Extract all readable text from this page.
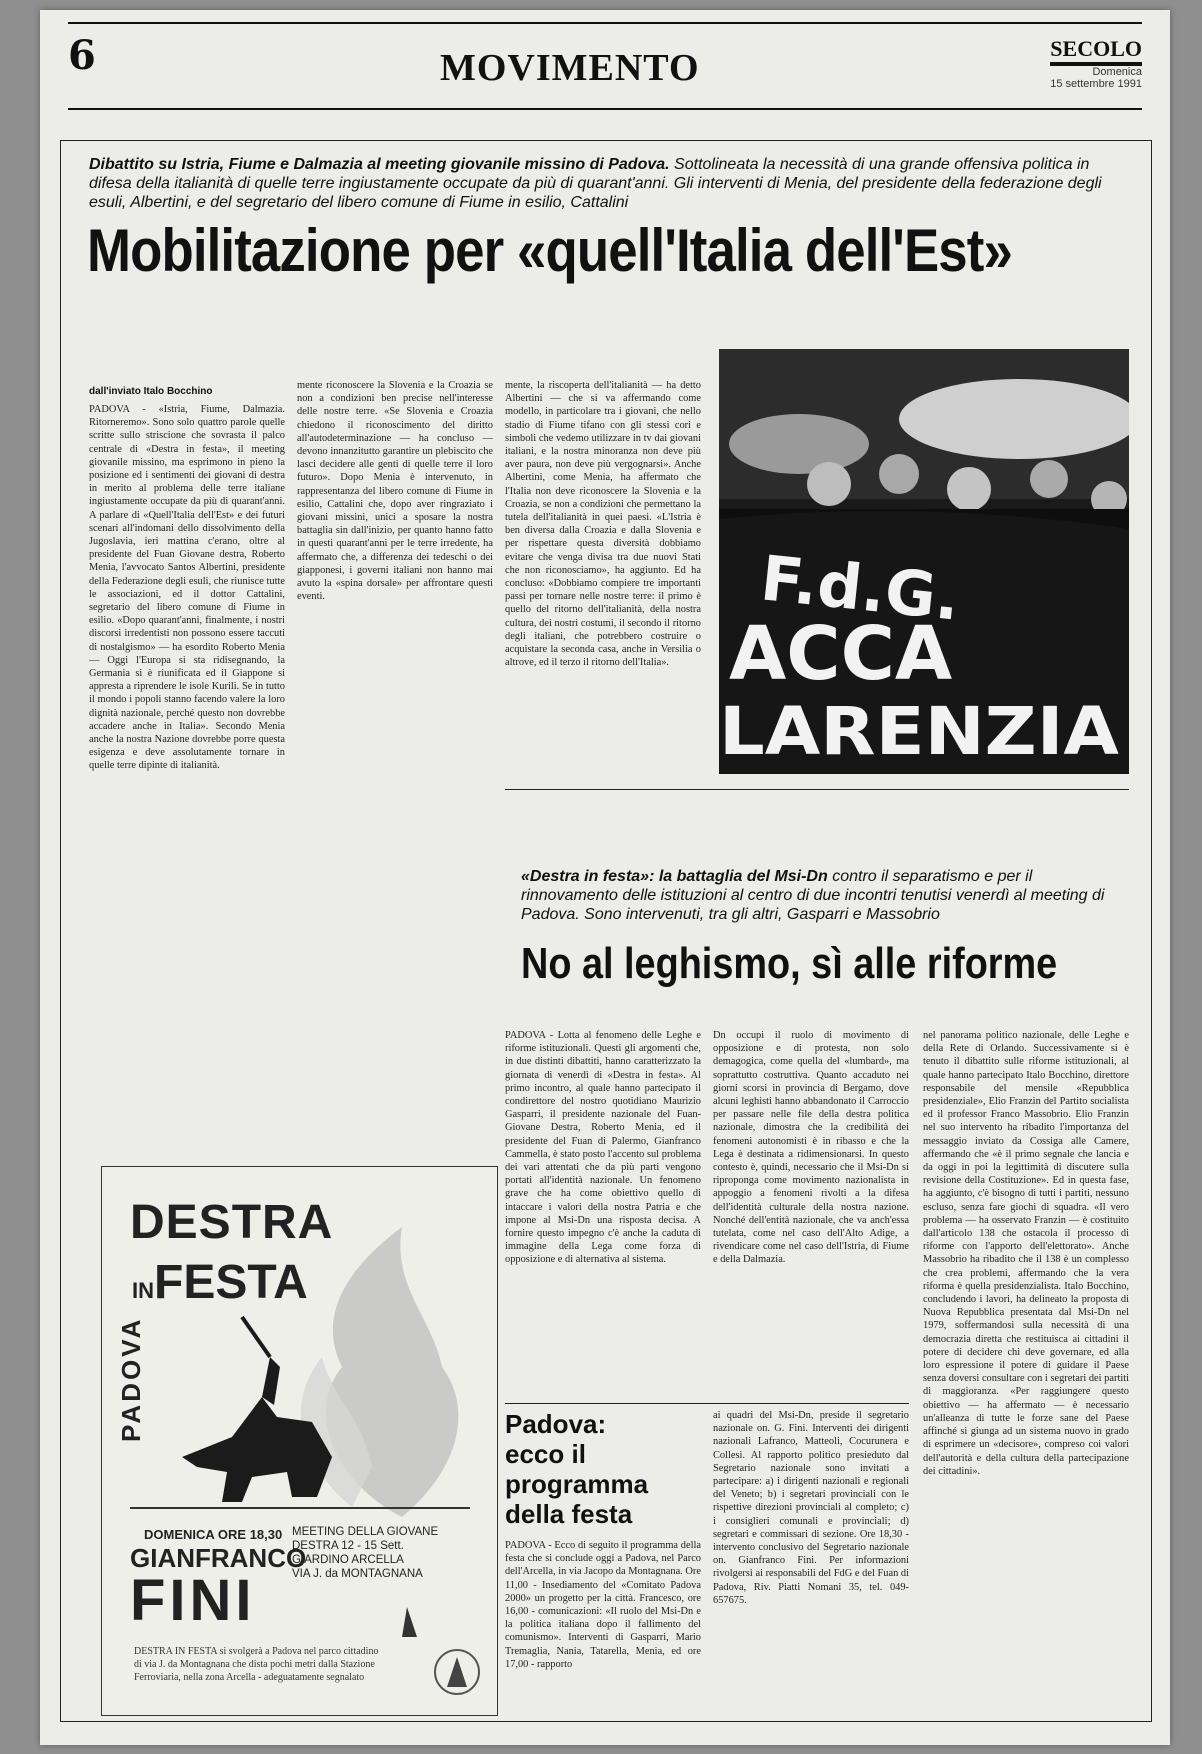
6	MOVIMENTO	SECOLO
Domenica
15 settembre 1991
Dibattito su Istria, Fiume e Dalmazia al meeting giovanile missino di Padova. Sottolineata la necessità di una grande offensiva politica in difesa della italianità di quelle terre ingiustamente occupate da più di quarant'anni. Gli interventi di Menia, del presidente della federazione degli esuli, Albertini, e del segretario del libero comune di Fiume in esilio, Cattalini
Mobilitazione per «quell'Italia dell'Est»
dall'inviato Italo Bocchino
PADOVA - «Istria, Fiume, Dalmazia. Ritorneremo». Sono solo quattro parole quelle scritte sullo striscione che sovrasta il palco centrale di «Destra in festa», il meeting giovanile missino, ma esprimono in pieno la posizione ed i sentimenti dei giovani di destra in merito al problema delle terre italiane ingiustamente occupate da più di quarant'anni. A parlare di «Quell'Italia dell'Est» e dei futuri scenari all'indomani dello dissolvimento della Jugoslavia, ieri mattina c'erano, oltre al presidente del Fuan Giovane destra, Roberto Menia, l'avvocato Santos Albertini, presidente della Federazione degli esuli, che riunisce tutte le associazioni, ed il dottor Cattalini, segretario del libero comune di Fiume in esilio. «Dopo quarant'anni, finalmente, i nostri discorsi irredentisti non possono essere taccuti di nostalgismo» — ha esordito Roberto Menia — Oggi l'Europa si sta ridisegnando, la Germania si è riunificata ed il Giappone si appresta a riprendere le isole Kurili. Se in tutto il mondo i popoli stanno facendo valere la loro dignità nazionale, perché questo non dovrebbe accadere anche in Italia». Secondo Menia anche la nostra Nazione dovrebbe porre questa esigenza e deve assolutamente tornare in quelle terre dipinte di italianità.
mente riconoscere la Slovenia e la Croazia se non a condizioni ben precise nell'interesse delle nostre terre. «Se Slovenia e Croazia chiedono il riconoscimento del diritto all'autodeterminazione — ha concluso — devono innanzitutto garantire un plebiscito che lasci decidere alle genti di quelle terre il loro futuro». Dopo Menia è intervenuto, in rappresentanza del libero comune di Fiume in esilio, Cattalini che, dopo aver ringraziato i giovani missini, unici a sposare la nostra battaglia sin dall'inizio, per quanto hanno fatto in questi quarant'anni per le terre irredente, ha affermato che, a differenza dei tedeschi o dei giapponesi, i governi italiani non hanno mai avuto la «spina dorsale» per affrontare questi eventi.
mente, la riscoperta dell'italianità — ha detto Albertini — che si va affermando come modello, in particolare tra i giovani, che nello stadio di Fiume tifano con gli stessi cori e simboli che vedemo utilizzare in tv dai giovani italiani, e la nostra minoranza non deve più aver paura, non deve più vergognarsi». Anche Albertini, come Menia, ha affermato che l'Italia non deve riconoscere la Slovenia e la Croazia, se non a condizioni che permettano la tutela dell'italianità in quei paesi. «L'Istria è ben diversa dalla Croazia e dalla Slovenia e per rispettare questa diversità dobbiamo evitare che venga divisa tra due nuovi Stati che non riconosciamo», ha aggiunto. Ed ha concluso: «Dobbiamo compiere tre importanti passi per tornare nelle nostre terre: il primo è quello del ritorno dell'italianità, della nostra cultura, dei nostri costumi, il secondo il ritorno degli italiani, che potrebbero costruire o acquistare la seconda casa, anche in Versilia o altrove, ed il terzo il ritorno dell'Italia».
F.d.G.
ACCA
LARENZIA
«Destra in festa»: la battaglia del Msi-Dn contro il separatismo e per il rinnovamento delle istituzioni al centro di due incontri tenutisi venerdì al meeting di Padova. Sono intervenuti, tra gli altri, Gasparri e Massobrio
No al leghismo, sì alle riforme
PADOVA - Lotta al fenomeno delle Leghe e riforme istituzionali. Questi gli argomenti che, in due distinti dibattiti, hanno caratterizzato la giornata di venerdì di «Destra in festa». Al primo incontro, al quale hanno partecipato il condirettore del nostro quotidiano Maurizio Gasparri, il presidente nazionale del Fuan-Giovane Destra, Roberto Menia, ed il presidente del Fuan di Palermo, Gianfranco Cammella, è stato posto l'accento sul problema dei vari attentati che da più parti vengono portati all'identità nazionale. Un fenomeno grave che ha come obiettivo quello di intaccare i valori della nostra Patria e che impone al Msi-Dn una risposta decisa. A fornire questo impegno c'è anche la caduta di immagine della Lega come forza di opposizione e di alternativa al sistema.
Dn occupi il ruolo di movimento di opposizione e di protesta, non solo demagogica, come quella del «lumbard», ma soprattutto costruttiva. Quanto accaduto nei giorni scorsi in provincia di Bergamo, dove alcuni leghisti hanno abbandonato il Carroccio per passare nelle file della destra politica nazionale, dimostra che la credibilità dei fenomeni autonomisti è in ribasso e che la Lega è destinata a ridimensionarsi. In questo contesto è, quindi, necessario che il Msi-Dn si riproponga come movimento nazionalista in appoggio a fenomeni rivolti a la difesa dell'identità culturale della nostra nazione. Nonché dell'entità nazionale, che va anch'essa tutelata, come nel caso dell'Alto Adige, a rivendicare come nel caso dell'Istria, di Fiume e della Dalmazia.
nel panorama politico nazionale, delle Leghe e della Rete di Orlando. Successivamente si è tenuto il dibattito sulle riforme istituzionali, al quale hanno partecipato Italo Bocchino, direttore responsabile del mensile «Repubblica presidenziale», Elio Franzin del Partito socialista ed il professor Franco Massobrio. Elio Franzin nel suo intervento ha ribadito l'importanza del messaggio inviato da Cossiga alle Camere, affermando che «è il primo segnale che lancia e da oggi in poi la legittimità di discutere sulla revisione della Costituzione». Ed in questa fase, ha aggiunto, c'è bisogno di tutti i partiti, nessuno escluso, senza fare giochi di squadra. «Il vero problema — ha osservato Franzin — è costituito dall'articolo 138 che ostacola il processo di riforme con l'apporto dell'elettorato». Anche Massobrio ha ribadito che il 138 è un complesso che crea problemi, affermando che la vera riforma è quella presidenzialista. Italo Bocchino, concludendo i lavori, ha delineato la proposta di Nuova Repubblica presentata dal Msi-Dn nel 1979, soffermandosi sulla necessità di una democrazia diretta che restituisca ai cittadini il potere di decidere chi deve governare, ed alla loro espressione il potere di guidare il Paese senza doversi consultare con i segretari dei partiti di maggioranza. «Per raggiungere questo obiettivo — ha affermato — è necessario un'alleanza di tutte le forze sane del Paese affinché si giunga ad un sistema nuovo in grado di esprimere un «decisore», compreso coi valori dell'autorità e della cultura della partecipazione dei cittadini».
Padova:
ecco il
programma
della festa
PADOVA - Ecco di seguito il programma della festa che si conclude oggi a Padova, nel Parco dell'Arcella, in via Jacopo da Montagnana. Ore 11,00 - Insediamento del «Comitato Padova 2000» un progetto per la città. Francesco, ore 16,00 - comunicazioni: «Il ruolo del Msi-Dn e la politica italiana dopo il fallimento del comunismo». Interventi di Gasparri, Mario Tremaglia, Nania, Tatarella, Menia, ed ore 17,00 - rapporto
ai quadri del Msi-Dn, preside il segretario nazionale on. G. Fini. Interventi dei dirigenti nazionali Lafranco, Matteoli, Cocurunera e Collesi. Al rapporto politico presieduto dal Segretario nazionale sono invitati a partecipare: a) i dirigenti nazionali e regionali del Veneto; b) i segretari provinciali con le rispettive direzioni provinciali al completo; c) i consiglieri comunali e provinciali; d) segretari e commissari di sezione. Ore 18,30 - intervento conclusivo del Segretario nazionale on. Gianfranco Fini. Per informazioni rivolgersi ai responsabili del FdG e del Fuan di Padova, Riv. Piatti Nomani 35, tel. 049-657675.
DESTRA
INFESTA
PADOVA
DOMENICA ORE 18,30
GIANFRANCO
FINI
MEETING DELLA GIOVANE
DESTRA 12 - 15 Sett.
GIARDINO ARCELLA
VIA J. da MONTAGNANA
DESTRA IN FESTA si svolgerà a Padova nel parco cittadino di via J. da Montagnana che dista pochi metri dalla Stazione Ferroviaria, nella zona Arcella - adeguatamente segnalato
